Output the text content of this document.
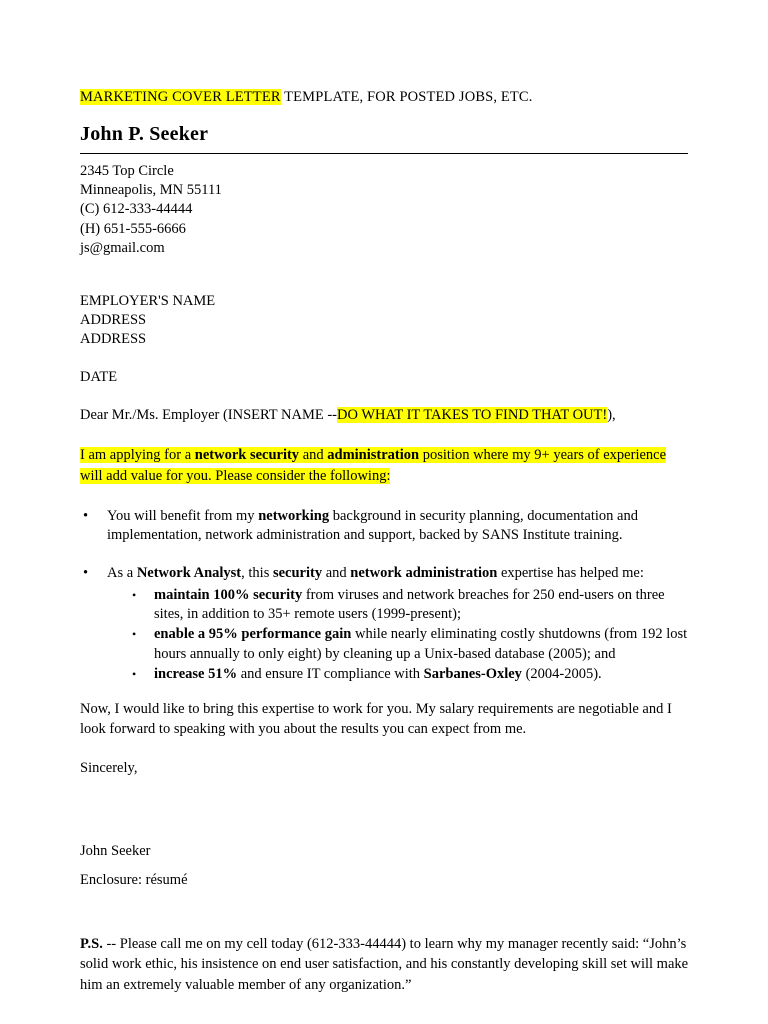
MARKETING COVER LETTER TEMPLATE, FOR POSTED JOBS, ETC.

John P. Seeker

2345 Top Circle

Minneapolis, MN 55111

(C) 612-333-44444

(H) 651-555-6666

js@gmail.com

EMPLOYER'S NAME

ADDRESS

ADDRESS

DATE

Dear Mr./Ms. Employer (INSERT NAME --DO WHAT IT TAKES TO FIND THAT OUT!),

I am applying for a network security and administration position where my 9+ years of experience will add value for you. Please consider the following:

• You will benefit from my networking background in security planning, documentation and implementation, network administration and support, backed by SANS Institute training.
• As a Network Analyst, this security and network administration expertise has helped me:
• maintain 100% security from viruses and network breaches for 250 end-users on three sites, in addition to 35+ remote users (1999-present);
• enable a 95% performance gain while nearly eliminating costly shutdowns (from 192 lost hours annually to only eight) by cleaning up a Unix-based database (2005); and
• increase 51% and ensure IT compliance with Sarbanes-Oxley (2004-2005).

Now, I would like to bring this expertise to work for you. My salary requirements are negotiable and I look forward to speaking with you about the results you can expect from me.

Sincerely,

John Seeker

Enclosure: résumé

P.S. -- Please call me on my cell today (612-333-44444) to learn why my manager recently said: “John’s solid work ethic, his insistence on end user satisfaction, and his constantly developing skill set will make him an extremely valuable member of any organization.”
